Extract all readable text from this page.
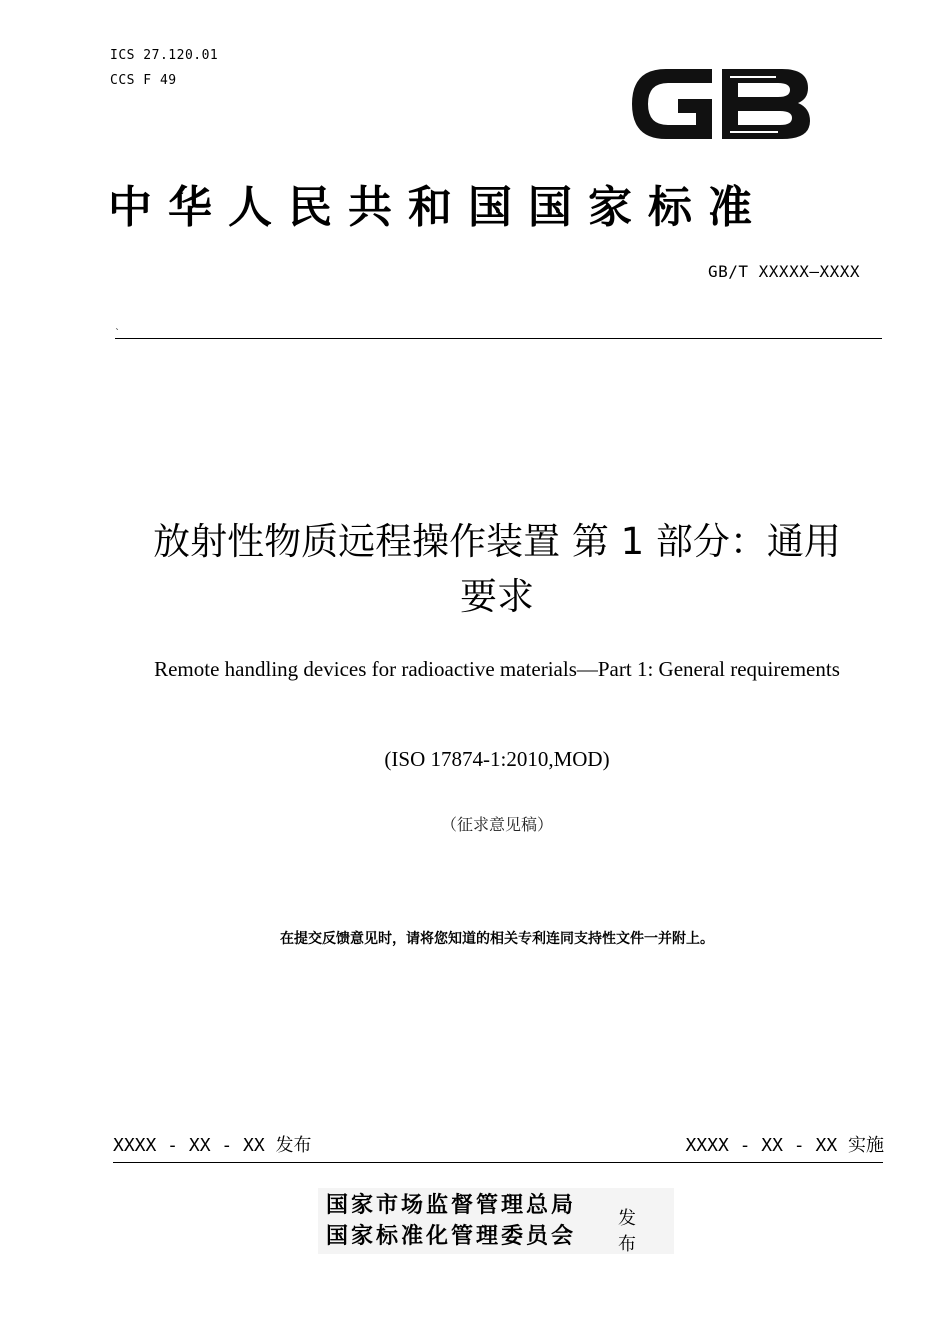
ICS 27.120.01
CCS F 49
中华人民共和国国家标准
GB/T XXXXX—XXXX
`
放射性物质远程操作装置 第 1 部分：通用
要求
Remote handling devices for radioactive materials—Part 1: General requirements
(ISO 17874-1:2010,MOD)
（征求意见稿）
在提交反馈意见时，请将您知道的相关专利连同支持性文件一并附上。
XXXX - XX - XX 发布	XXXX - XX - XX 实施
国家市场监督管理总局
国家标准化管理委员会
发布
